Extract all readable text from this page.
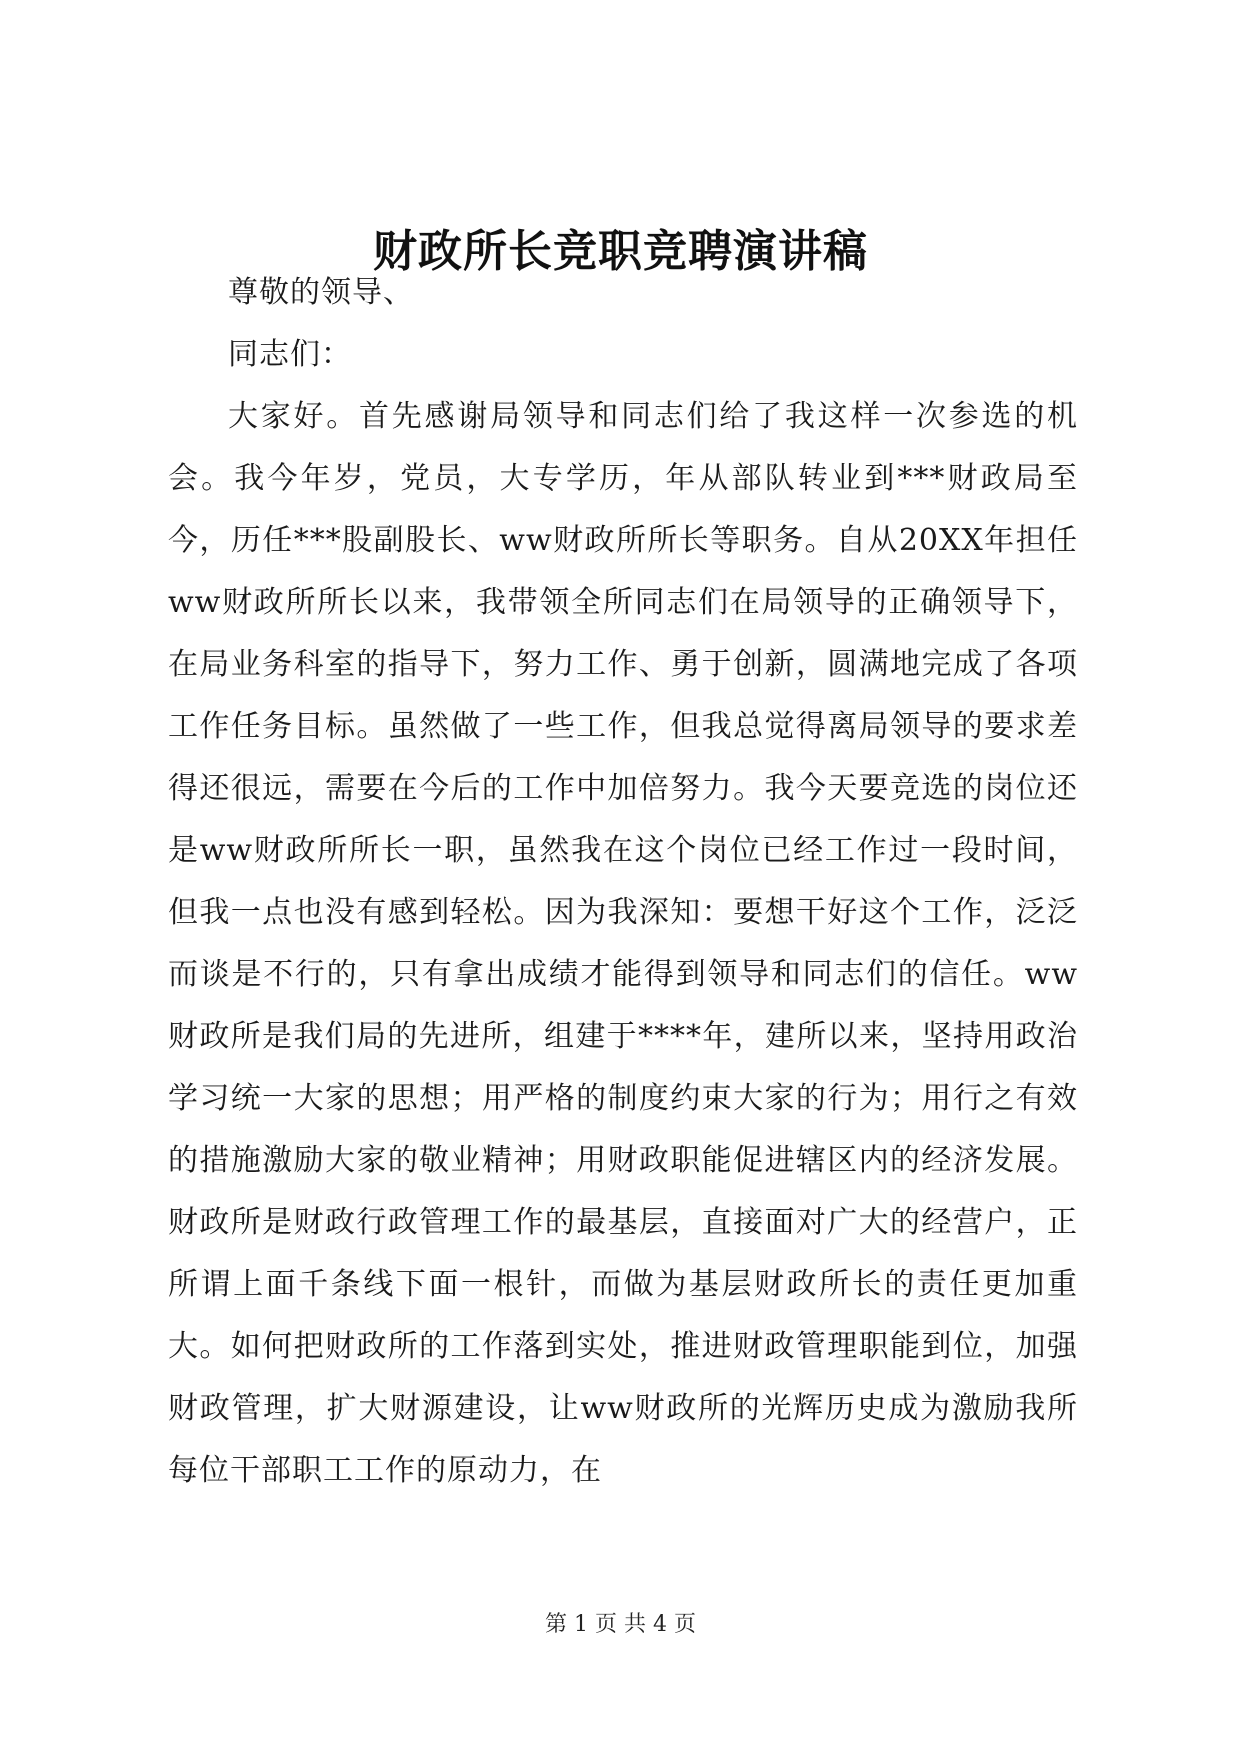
财政所长竞职竞聘演讲稿

尊敬的领导、

同志们：

大家好。首先感谢局领导和同志们给了我这样一次参选的机会。我今年岁，党员，大专学历，年从部队转业到***财政局至今，历任***股副股长、ww财政所所长等职务。自从20XX年担任ww财政所所长以来，我带领全所同志们在局领导的正确领导下，在局业务科室的指导下，努力工作、勇于创新，圆满地完成了各项工作任务目标。虽然做了一些工作，但我总觉得离局领导的要求差得还很远，需要在今后的工作中加倍努力。我今天要竞选的岗位还是ww财政所所长一职，虽然我在这个岗位已经工作过一段时间，但我一点也没有感到轻松。因为我深知：要想干好这个工作，泛泛而谈是不行的，只有拿出成绩才能得到领导和同志们的信任。ww财政所是我们局的先进所，组建于****年，建所以来，坚持用政治学习统一大家的思想；用严格的制度约束大家的行为；用行之有效的措施激励大家的敬业精神；用财政职能促进辖区内的经济发展。财政所是财政行政管理工作的最基层，直接面对广大的经营户，正所谓上面千条线下面一根针，而做为基层财政所长的责任更加重大。如何把财政所的工作落到实处，推进财政管理职能到位，加强财政管理，扩大财源建设，让ww财政所的光辉历史成为激励我所每位干部职工工作的原动力，在

第 1 页 共 4 页
